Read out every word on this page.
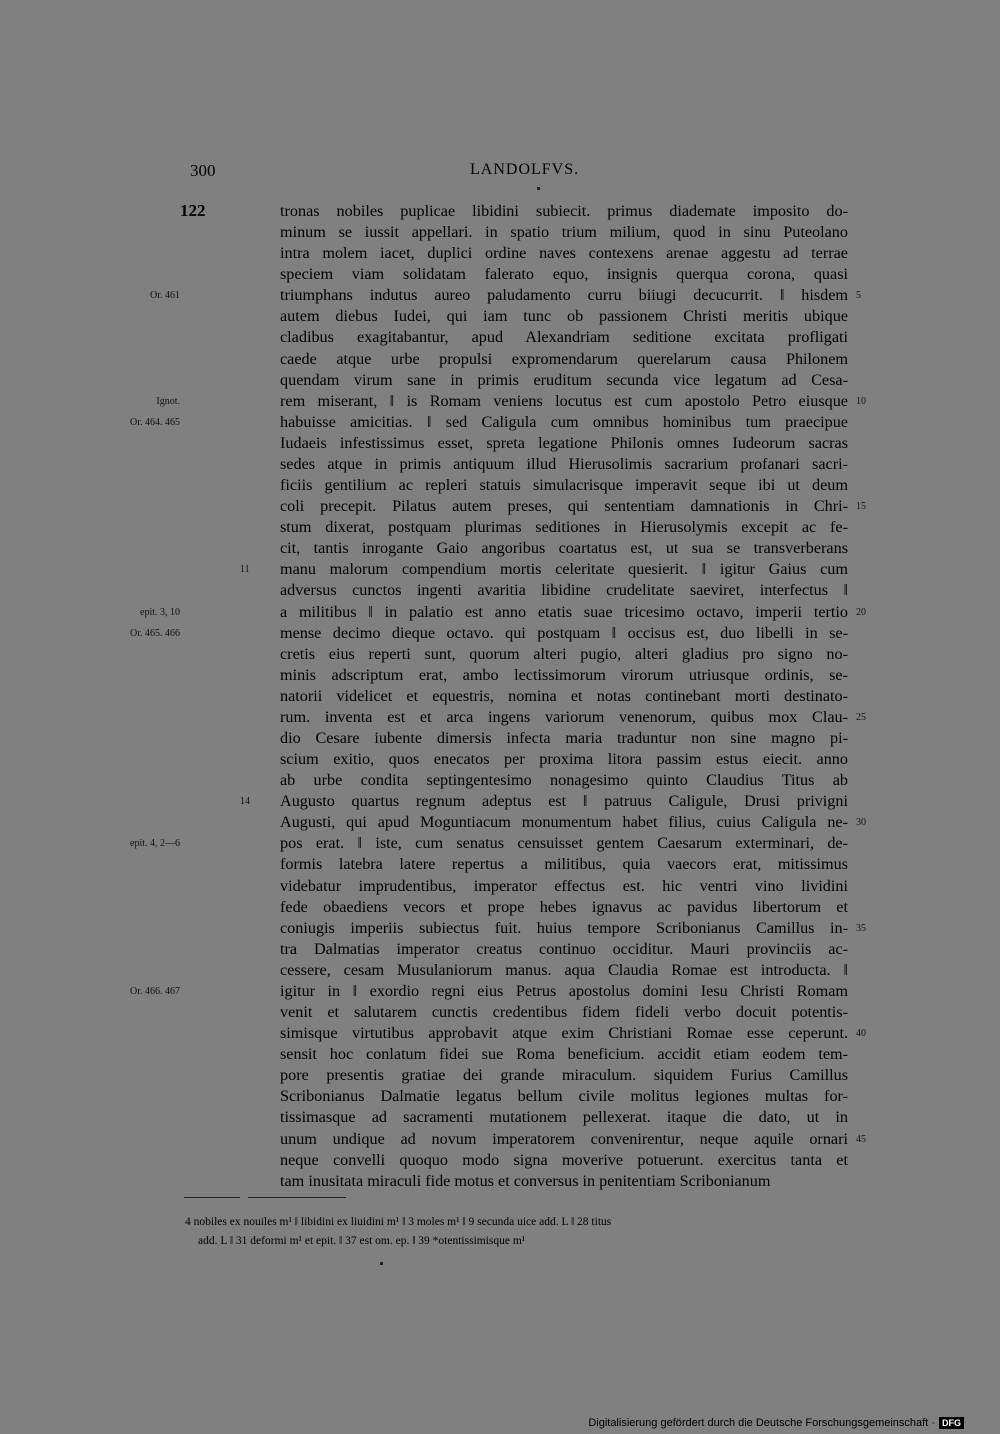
300	LANDOLFVS.
122	tronas nobiles puplicae libidini subiecit. primus diademate imposito do-
minum se iussit appellari. in spatio trium milium, quod in sinu Puteolano
intra molem iacet, duplici ordine naves contexens arenae aggestu ad terrae
speciem viam solidatam falerato equo, insignis querqua corona, quasi
triumphans indutus aureo paludamento curru biiugi decucurrit. ‖ hisdem
autem diebus Iudei, qui iam tunc ob passionem Christi meritis ubique
cladibus exagitabantur, apud Alexandriam seditione excitata profligati
caede atque urbe propulsi expromendarum querelarum causa Philonem
quendam virum sane in primis eruditum secunda vice legatum ad Cesa-
rem miserant, ‖ is Romam veniens locutus est cum apostolo Petro eiusque
habuisse amicitias. ‖ sed Caligula cum omnibus hominibus tum praecipue
Iudaeis infestissimus esset, spreta legatione Philonis omnes Iudeorum sacras
sedes atque in primis antiquum illud Hierusolimis sacrarium profanari sacri-
ficiis gentilium ac repleri statuis simulacrisque imperavit seque ibi ut deum
coli precepit. Pilatus autem preses, qui sententiam damnationis in Chri-
stum dixerat, postquam plurimas seditiones in Hierusolymis excepit ac fe-
cit, tantis inrogante Gaio angoribus coartatus est, ut sua se transverberans
manu malorum compendium mortis celeritate quesierit. ‖ igitur Gaius cum
adversus cunctos ingenti avaritia libidine crudelitate saeviret, interfectus ‖
a militibus ‖ in palatio est anno etatis suae tricesimo octavo, imperii tertio
mense decimo dieque octavo. qui postquam ‖ occisus est, duo libelli in se-
cretis eius reperti sunt, quorum alteri pugio, alteri gladius pro signo no-
minis adscriptum erat, ambo lectissimorum virorum utriusque ordinis, se-
natorii videlicet et equestris, nomina et notas continebant morti destinato-
rum. inventa est et arca ingens variorum venenorum, quibus mox Clau-
dio Cesare iubente dimersis infecta maria traduntur non sine magno pi-
scium exitio, quos enecatos per proxima litora passim estus eiecit. anno
ab urbe condita septingentesimo nonagesimo quinto Claudius Titus ab
Augusto quartus regnum adeptus est ‖ patruus Caligule, Drusi privigni
Augusti, qui apud Moguntiacum monumentum habet filius, cuius Caligula ne-
pos erat. ‖ iste, cum senatus censuisset gentem Caesarum exterminari, de-
formis latebra latere repertus a militibus, quia vaecors erat, mitissimus
videbatur imprudentibus, imperator effectus est. hic ventri vino lividini
fede obaediens vecors et prope hebes ignavus ac pavidus libertorum et
coniugis imperiis subiectus fuit. huius tempore Scribonianus Camillus in-
tra Dalmatias imperator creatus continuo occiditur. Mauri provinciis ac-
cessere, cesam Musulaniorum manus. aqua Claudia Romae est introducta. ‖
igitur in ‖ exordio regni eius Petrus apostolus domini Iesu Christi Romam
venit et salutarem cunctis credentibus fidem fideli verbo docuit potentis-
simisque virtutibus approbavit atque exim Christiani Romae esse ceperunt.
sensit hoc conlatum fidei sue Roma beneficium. accidit etiam eodem tem-
pore presentis gratiae dei grande miraculum. siquidem Furius Camillus
Scribonianus Dalmatie legatus bellum civile molitus legiones multas for-
tissimasque ad sacramenti mutationem pellexerat. itaque die dato, ut in
unum undique ad novum imperatorem convenirentur, neque aquile ornari
neque convelli quoquo modo signa moverive potuerunt. exercitus tanta et
tam inusitata miraculi fide motus et conversus in penitentiam Scribonianum
Or. 461
Ignot.
Or. 464. 465
epit. 3, 10
Or. 465. 466
epit. 4, 2—6
Or. 466. 467
11
14
5
10
15
20
25
30
35
40
45
4 nobiles ex nouiles m¹ ‖ libidini ex liuidini m¹ ‖ 3 moles m¹ ‖ 9 secunda uice add. L ‖ 28 titus
add. L ‖ 31 deformi m¹ et epit. ‖ 37 est om. ep. ‖ 39 *otentissimisque m¹
Digitalisierung gefördert durch die Deutsche Forschungsgemeinschaft · DFG
